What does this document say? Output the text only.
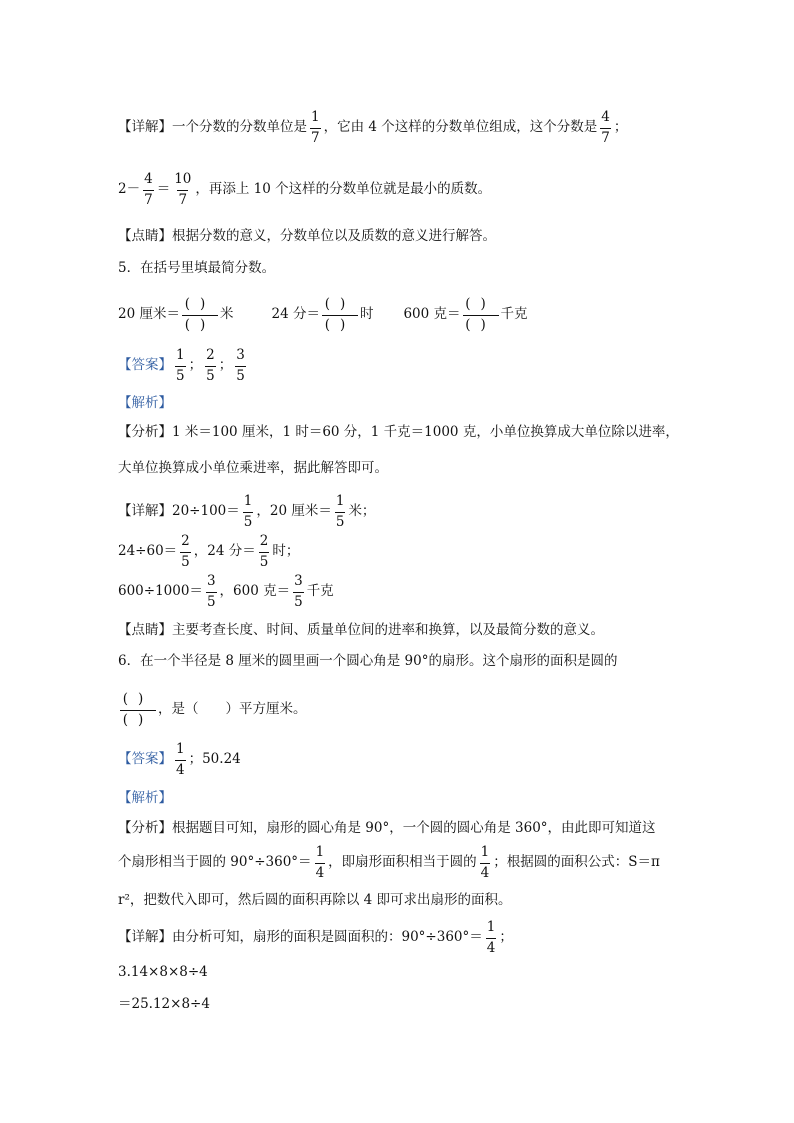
【详解】 一个分数的分数单位是 $\frac{1}{7}$ ，它由 4 个这样的分数单位组成，这个分数是 $\frac{4}{7}$ ；
$2- \frac{4}{7} = \frac{10}{7}$ ，再添上 10 个这样的分数单位就是最小的质数。
【点睛】 根据分数的意义，分数单位以及质数的意义进行解答。
5．在括号里填最简分数。
20 厘米＝ $\frac{()}{()}$ 米	24 分＝ $\frac{()}{()}$ 时 600 克＝ $\frac{()}{()}$ 千克
【答案】 $\frac{1}{5}$ ； $\frac{2}{5}$ ； $\frac{3}{5}$
【解析】
【分析】 1 米＝100 厘米，1 时＝60 分，1 千克＝1000 克，小单位换算成大单位除以进率，
大单位换算成小单位乘进率，据此解答即可。
【详解】 $20\div 100= \frac{1}{5}$ ，20 厘米＝ $\frac{1}{5}$ 米；
$24\div 60= \frac{2}{5}$ ，24 分＝ $\frac{2}{5}$ 时；
$600\div 1000= \frac{3}{5}$ ，600 克＝ $\frac{3}{5}$ 千克
【点睛】 主要考查长度、时间、质量单位间的进率和换算，以及最简分数的意义。
6．在一个半径是 8 厘米的圆里画一个圆心角是 90°的扇形。这个扇形的面积是圆的
$\frac{()}{()}$ ，是（　　）平方厘米。
【答案】 $\frac{1}{4}$ ；50.24
【解析】
【分析】 根据题目可知，扇形的圆心角是 90°，一个圆的圆心角是 360°，由此即可知道这
个扇形相当于圆的 $90^\circ\div 360^\circ= \frac{1}{4}$ ，即扇形面积相当于圆的 $\frac{1}{4}$ ；根据圆的面积公式：S＝π
r²，把数代入即可，然后圆的面积再除以 4 即可求出扇形的面积。
【详解】 由分析可知，扇形的面积是圆面积的：$90^\circ\div 360^\circ= \frac{1}{4}$ ；
3.14×8×8÷4
＝25.12×8÷4
